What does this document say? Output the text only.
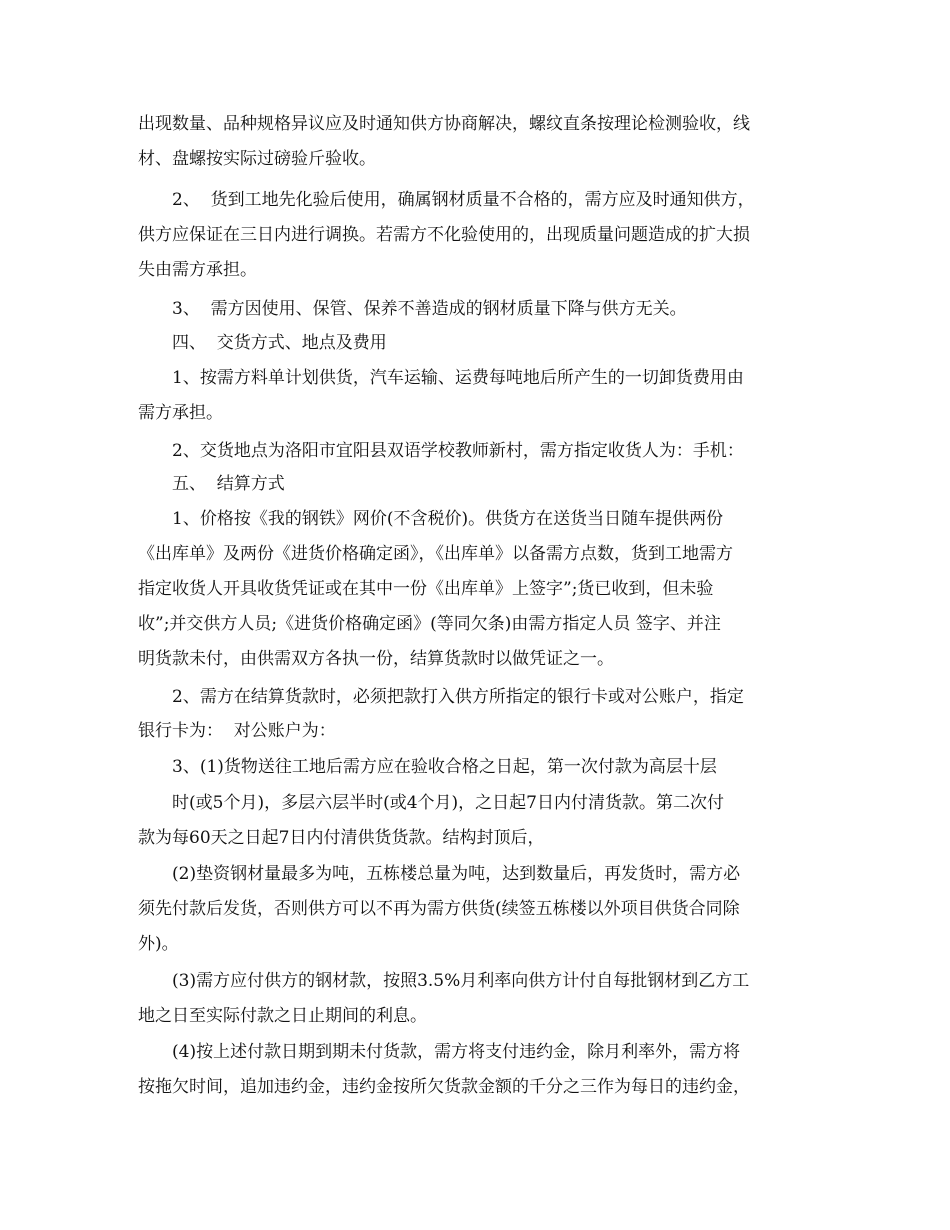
出现数量、品种规格异议应及时通知供方协商解决，螺纹直条按理论检测验收，线
材、盘螺按实际过磅验斤验收。
2、  货到工地先化验后使用，确属钢材质量不合格的，需方应及时通知供方，
供方应保证在三日内进行调换。若需方不化验使用的，出现质量问题造成的扩大损
失由需方承担。
3、  需方因使用、保管、保养不善造成的钢材质量下降与供方无关。
四、  交货方式、地点及费用
1、按需方料单计划供货，汽车运输、运费每吨地后所产生的一切卸货费用由
需方承担。
2、交货地点为洛阳市宜阳县双语学校教师新村，需方指定收货人为：手机：
五、  结算方式
1、价格按《我的钢铁》网价(不含税价)。供货方在送货当日随车提供两份
《出库单》及两份《进货价格确定函》，《出库单》以备需方点数，货到工地需方
指定收货人开具收货凭证或在其中一份《出库单》上签字”;货已收到，但未验
收”;并交供方人员;《进货价格确定函》(等同欠条)由需方指定人员 签字、并注
明货款未付，由供需双方各执一份，结算货款时以做凭证之一。
2、需方在结算货款时，必须把款打入供方所指定的银行卡或对公账户，指定
银行卡为：  对公账户为：
3、(1)货物送往工地后需方应在验收合格之日起，第一次付款为高层十层
时(或5个月)，多层六层半时(或4个月)，之日起7日内付清货款。第二次付
款为每60天之日起7日内付清供货货款。结构封顶后，
(2)垫资钢材量最多为吨，五栋楼总量为吨，达到数量后，再发货时，需方必
须先付款后发货，否则供方可以不再为需方供货(续签五栋楼以外项目供货合同除
外)。
(3)需方应付供方的钢材款，按照3.5%月利率向供方计付自每批钢材到乙方工
地之日至实际付款之日止期间的利息。
(4)按上述付款日期到期未付货款，需方将支付违约金，除月利率外，需方将
按拖欠时间，追加违约金，违约金按所欠货款金额的千分之三作为每日的违约金，
